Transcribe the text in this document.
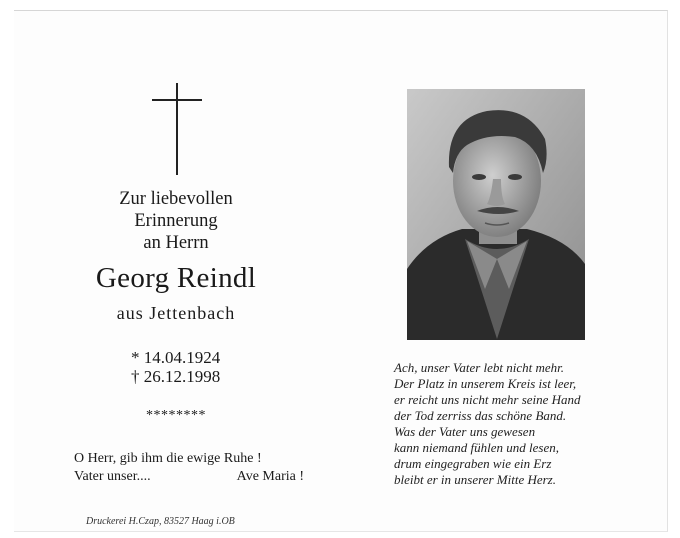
Zur liebevollen
Erinnerung
an Herrn
Georg Reindl
aus Jettenbach
* 14.04.1924
† 26.12.1998
********
O Herr, gib ihm die ewige Ruhe !
Vater unser....	Ave Maria !
Druckerei H.Czap, 83527 Haag i.OB
Ach, unser Vater lebt nicht mehr.
Der Platz in unserem Kreis ist leer,
er reicht uns nicht mehr seine Hand
der Tod zerriss das schöne Band.
Was der Vater uns gewesen
kann niemand fühlen und lesen,
drum eingegraben wie ein Erz
bleibt er in unserer Mitte Herz.
